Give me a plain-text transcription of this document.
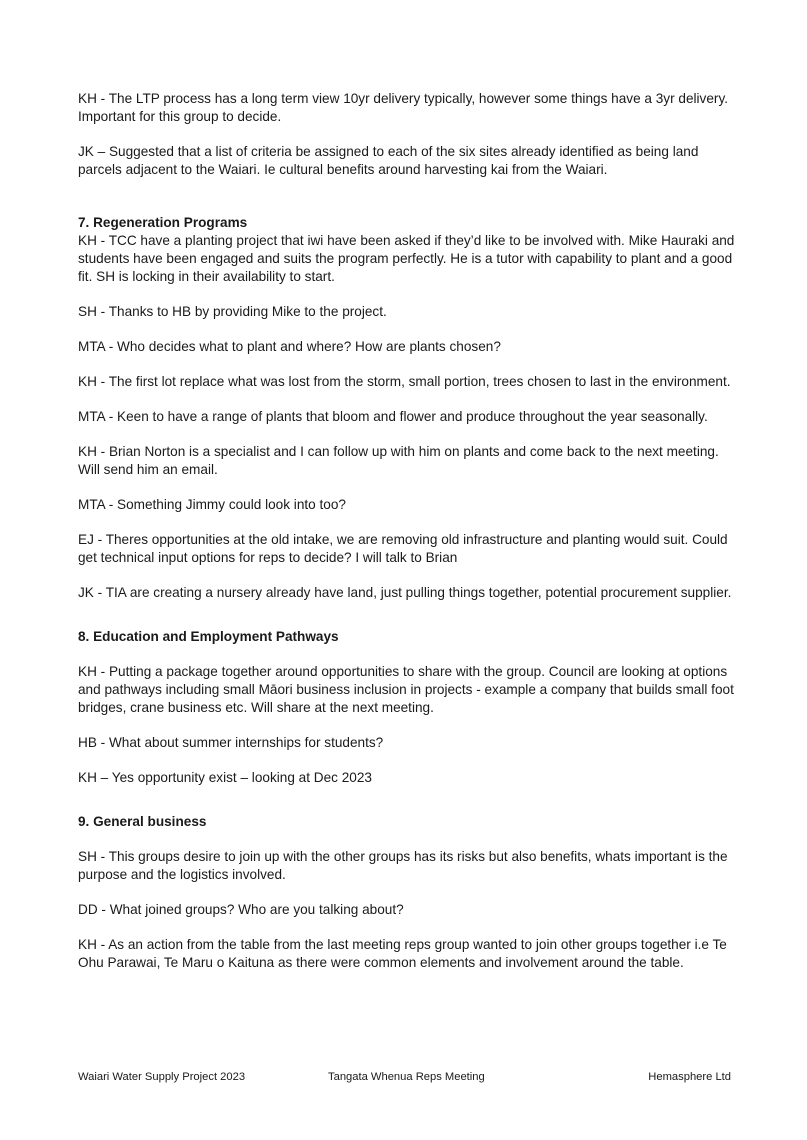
KH - The LTP process has a long term view 10yr delivery typically, however some things have a 3yr delivery. Important for this group to decide.

JK – Suggested that a list of criteria be assigned to each of the six sites already identified as being land parcels adjacent to the Waiari. Ie cultural benefits around harvesting kai from the Waiari.

7. Regeneration Programs

KH - TCC have a planting project that iwi have been asked if they’d like to be involved with. Mike Hauraki and students have been engaged and suits the program perfectly. He is a tutor with capability to plant and a good fit. SH is locking in their availability to start.

SH - Thanks to HB by providing Mike to the project.

MTA - Who decides what to plant and where? How are plants chosen?

KH - The first lot replace what was lost from the storm, small portion, trees chosen to last in the environment.

MTA - Keen to have a range of plants that bloom and flower and produce throughout the year seasonally.

KH - Brian Norton is a specialist and I can follow up with him on plants and come back to the next meeting. Will send him an email.

MTA - Something Jimmy could look into too?

EJ - Theres opportunities at the old intake, we are removing old infrastructure and planting would suit. Could get technical input options for reps to decide? I will talk to Brian

JK - TIA are creating a nursery already have land, just pulling things together, potential procurement supplier.

8. Education and Employment Pathways

KH - Putting a package together around opportunities to share with the group. Council are looking at options and pathways including small Māori business inclusion in projects - example a company that builds small foot bridges, crane business etc. Will share at the next meeting.

HB - What about summer internships for students?

KH – Yes opportunity exist – looking at Dec 2023

9. General business

SH - This groups desire to join up with the other groups has its risks but also benefits, whats important is the purpose and the logistics involved.

DD - What joined groups? Who are you talking about?

KH - As an action from the table from the last meeting reps group wanted to join other groups together i.e Te Ohu Parawai, Te Maru o Kaituna as there were common elements and involvement around the table.

Waiari Water Supply Project 2023	Tangata Whenua Reps Meeting	Hemasphere Ltd
